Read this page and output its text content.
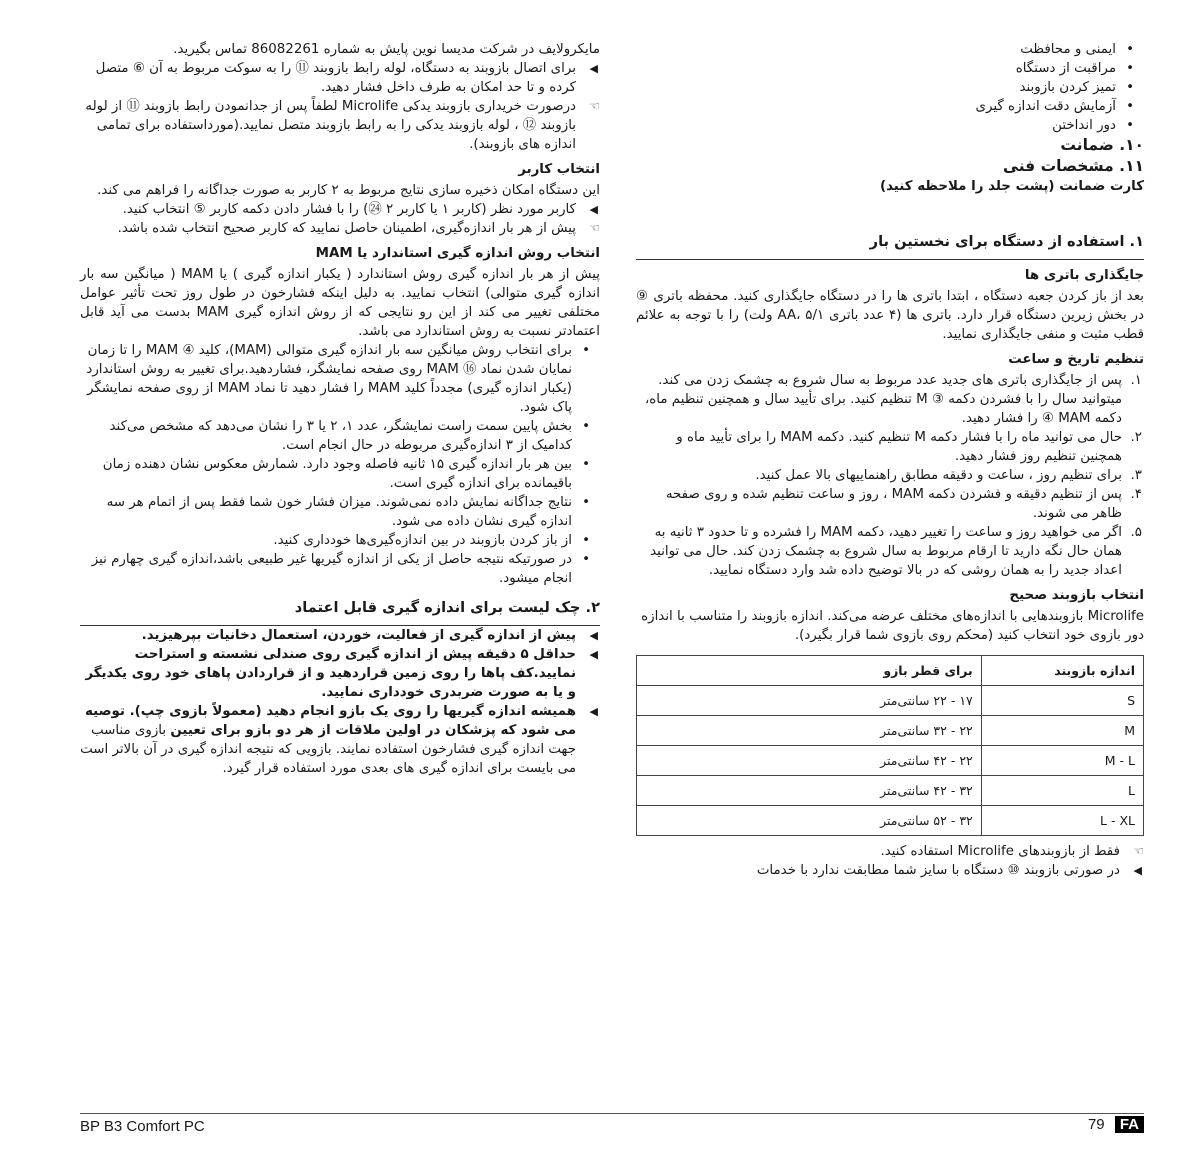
• ایمنی و محافظت
• مراقبت از دستگاه
• تمیز کردن بازوبند
• آزمایش دقت اندازه گیری
• دور انداختن
۱۰. ضمانت
۱۱. مشخصات فنی
کارت ضمانت (پشت جلد را ملاحظه کنید)
۱. استفاده از دستگاه برای نخستین بار
جایگذاری باتری ها

بعد از باز کردن جعبه دستگاه ، ابتدا باتری ها را در دستگاه جایگذاری کنید. محفظه باتری ⑨ در بخش زیرین دستگاه قرار دارد. باتری ها (۴ عدد باتری AA، ۵/۱ ولت) را با توجه به علائم قطب مثبت و منفی جایگذاری نمایید.

تنظیم تاریخ و ساعت
۱.
پس از جایگذاری باتری های جدید عدد مربوط به سال شروع به چشمک زدن می کند. میتوانید سال را با فشردن دکمه ③ M تنظیم کنید. برای تأیید سال و همچنین تنظیم ماه، دکمه MAM ④ را فشار دهید.
۲.
حال می توانید ماه را با فشار دکمه M تنظیم کنید. دکمه MAM را برای تأیید ماه و همچنین تنظیم روز فشار دهید.
۳.
برای تنظیم روز ، ساعت و دقیقه مطابق راهنماییهای بالا عمل کنید.
۴.
پس از تنظیم دقیقه و فشردن دکمه MAM ، روز و ساعت تنظیم شده و روی صفحه ظاهر می شوند.
۵.
اگر می خواهید روز و ساعت را تغییر دهید، دکمه MAM را فشرده و تا حدود ۳ ثانیه به همان حال نگه دارید تا ارقام مربوط به سال شروع به چشمک زدن کند. حال می توانید اعداد جدید را به همان روشی که در بالا توضیح داده شد وارد دستگاه نمایید.
انتخاب بازوبند صحیح

Microlife بازوبندهایی با اندازه‌های مختلف عرضه می‌کند. اندازه بازوبند را متناسب با اندازه دور بازوی خود انتخاب کنید (محکم روی بازوی شما قرار بگیرد).

اندازه بازوبند	برای قطر بازو
S	۱۷ - ۲۲ سانتی‌متر
M	۲۲ - ۳۲ سانتی‌متر
M - L	۲۲ - ۴۲ سانتی‌متر
L	۳۲ - ۴۲ سانتی‌متر
L - XL	۳۲ - ۵۲ سانتی‌متر
☜
فقط از بازوبندهای Microlife استفاده کنید.
◀ در صورتی بازوبند ⑩ دستگاه با سایز شما مطابقت ندارد با خدمات

مایکرولایف در شرکت مدیسا نوین پایش به شماره 86082261 تماس بگیرید.

◀ برای اتصال بازوبند به دستگاه، لوله رابط بازوبند ⑪ را به سوکت مربوط به آن ⑥ متصل کرده و تا حد امکان به طرف داخل فشار دهید.
☜
درصورت خریداری بازوبند یدکی Microlife لطفاً پس از جدانمودن رابط بازوبند ⑪ از لوله بازوبند ⑫ ، لوله بازوبند یدکی را به رابط بازوبند متصل نمایید.(مورداستفاده برای تمامی اندازه های بازوبند).
انتخاب کاربر

این دستگاه امکان ذخیره سازی نتایج مربوط به ۲ کاربر به صورت جداگانه را فراهم می کند.

◀ کاربر مورد نظر (کاربر ۱ یا کاربر ۲ ㉔) را با فشار دادن دکمه کاربر ⑤ انتخاب کنید.
☜
پیش از هر بار اندازه‌گیری، اطمینان حاصل نمایید که کاربر صحیح انتخاب شده باشد.
انتخاب روش اندازه گیری استاندارد یا MAM

پیش از هر بار اندازه گیری روش استاندارد ( یکبار اندازه گیری ) یا MAM ( میانگین سه بار اندازه گیری متوالی) انتخاب نمایید. به دلیل اینکه فشارخون در طول روز تحت تأثیر عوامل مختلفی تغییر می کند از این رو نتایجی که از روش اندازه گیری MAM بدست می آید قابل اعتمادتر نسبت به روش استاندارد می باشد.

• برای انتخاب روش میانگین سه بار اندازه گیری متوالی (MAM)، کلید ④ MAM را تا زمان نمایان شدن نماد ⑯ MAM روی صفحه نمایشگر، فشاردهید.برای تغییر به روش استاندارد (یکبار اندازه گیری) مجدداً کلید MAM را فشار دهید تا نماد MAM از روی صفحه نمایشگر پاک شود.
• بخش پایین سمت راست نمایشگر، عدد ۱، ۲ یا ۳ را نشان می‌دهد که مشخص می‌کند کدامیک از ۳ اندازه‌گیری مربوطه در حال انجام است.
• بین هر بار اندازه گیری ۱۵ ثانیه فاصله وجود دارد. شمارش معکوس نشان دهنده زمان باقیمانده برای اندازه گیری است.
• نتایج جداگانه نمایش داده نمی‌شوند. میزان فشار خون شما فقط پس از اتمام هر سه اندازه گیری نشان داده می شود.
• از باز کردن بازوبند در بین اندازه‌گیری‌ها خودداری کنید.
• در صورتیکه نتیجه حاصل از یکی از اندازه گیریها غیر طبیعی باشد،اندازه گیری چهارم نیز انجام میشود.
۲. چک لیست برای اندازه گیری قابل اعتماد
◀ پیش از اندازه گیری از فعالیت، خوردن، استعمال دخانیات بپرهیزید.
◀ حداقل ۵ دقیقه پیش از اندازه گیری روی صندلی نشسته و استراحت نمایید.کف پاها را روی زمین قراردهید و از قراردادن پاهای خود روی یکدیگر و یا به صورت ضربدری خودداری نمایید.
◀ همیشه اندازه گیریها را روی یک بازو انجام دهید (معمولاً بازوی چپ). توصیه می شود که پزشکان در اولین ملاقات از هر دو بازو برای تعیین بازوی مناسب جهت اندازه گیری فشارخون استفاده نمایند. بازویی که نتیجه اندازه گیری در آن بالاتر است می بایست برای اندازه گیری های بعدی مورد استفاده قرار گیرد.
BP B3 Comfort PC	79 FA
